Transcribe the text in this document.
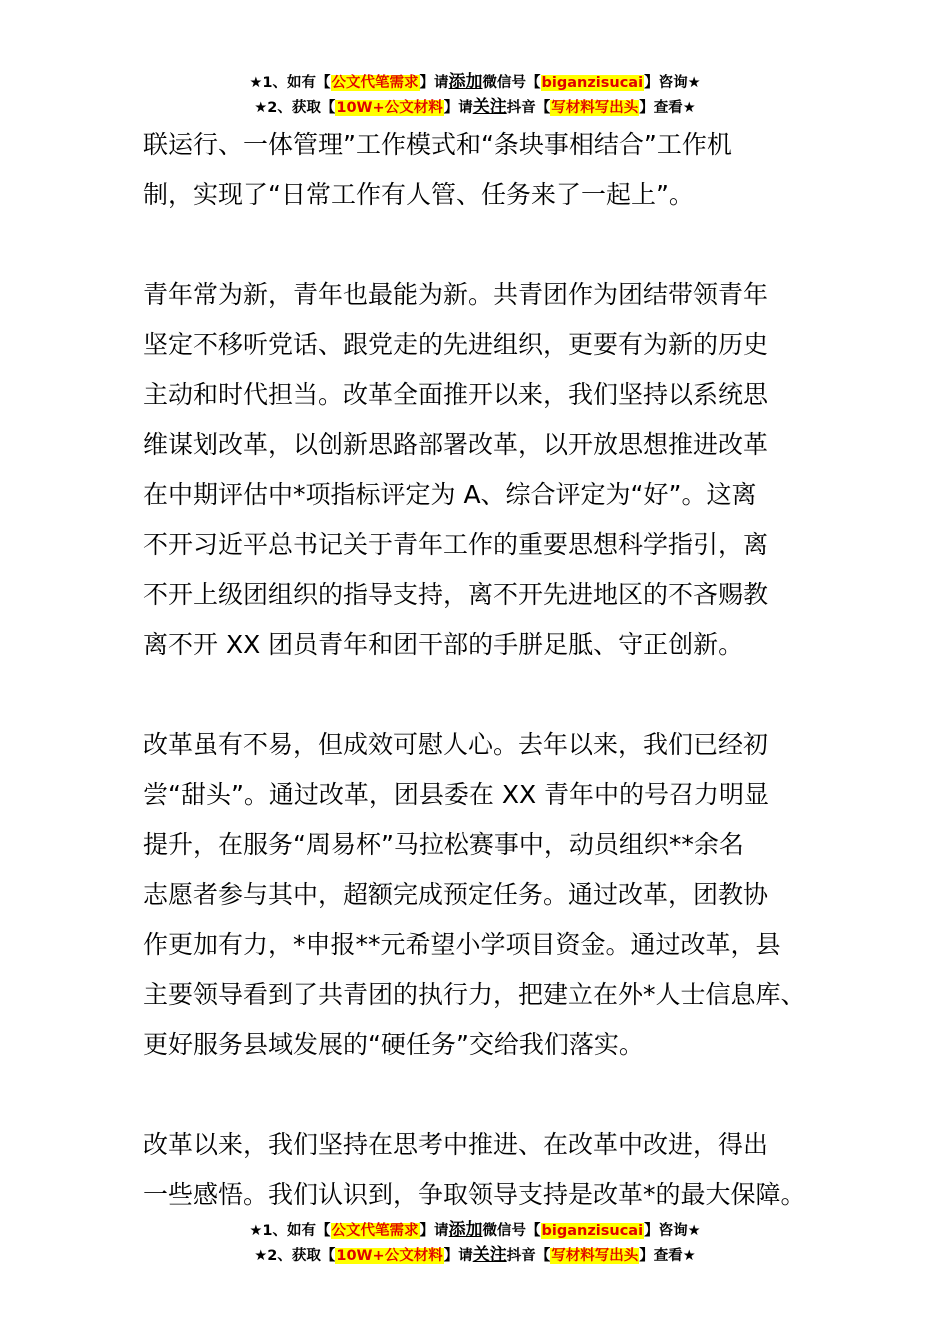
★1、如有【公文代笔需求】请添加微信号【biganzisucai】咨询★
★2、获取【10W+公文材料】请关注抖音【写材料写出头】查看★

联运行、一体管理”工作模式和“条块事相结合”工作机
制，实现了“日常工作有人管、任务来了一起上”。

青年常为新，青年也最能为新。共青团作为团结带领青年
坚定不移听党话、跟党走的先进组织，更要有为新的历史
主动和时代担当。改革全面推开以来，我们坚持以系统思
维谋划改革，以创新思路部署改革，以开放思想推进改革
在中期评估中*项指标评定为 A、综合评定为“好”。这离
不开习近平总书记关于青年工作的重要思想科学指引，离
不开上级团组织的指导支持，离不开先进地区的不吝赐教
离不开 XX 团员青年和团干部的手胼足胝、守正创新。

改革虽有不易，但成效可慰人心。去年以来，我们已经初
尝“甜头”。通过改革，团县委在 XX 青年中的号召力明显
提升，在服务“周易杯”马拉松赛事中，动员组织**余名
志愿者参与其中，超额完成预定任务。通过改革，团教协
作更加有力，*申报**元希望小学项目资金。通过改革，县
主要领导看到了共青团的执行力，把建立在外*人士信息库、
更好服务县域发展的“硬任务”交给我们落实。

改革以来，我们坚持在思考中推进、在改革中改进，得出
一些感悟。我们认识到，争取领导支持是改革*的最大保障。

★1、如有【公文代笔需求】请添加微信号【biganzisucai】咨询★
★2、获取【10W+公文材料】请关注抖音【写材料写出头】查看★
